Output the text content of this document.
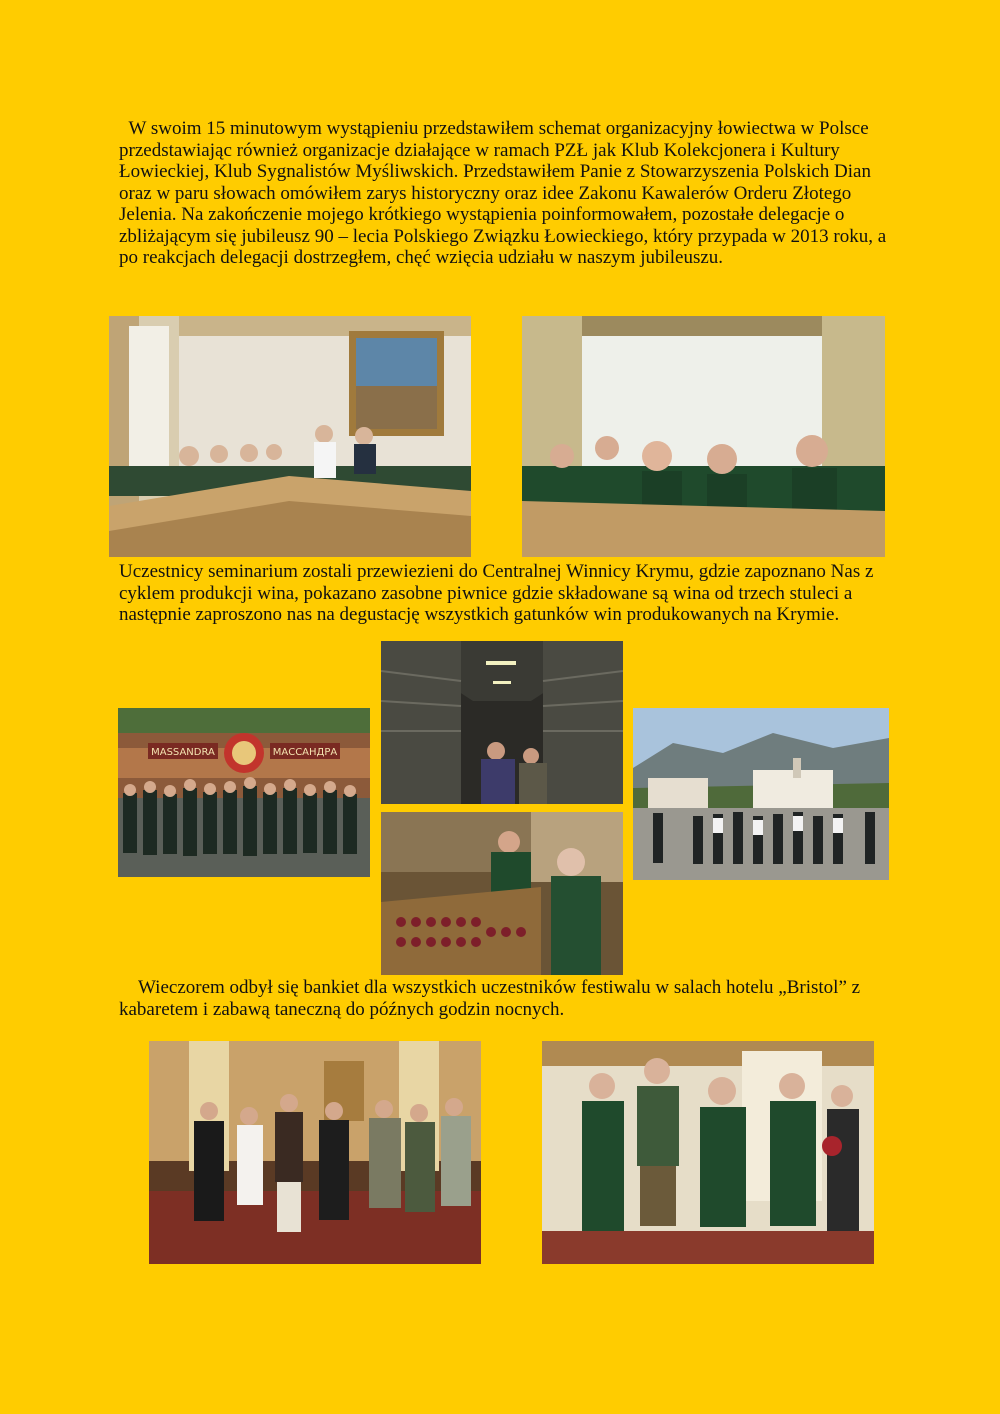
W swoim 15 minutowym wystąpieniu przedstawiłem schemat organizacyjny łowiectwa w Polsce przedstawiając również organizacje działające w ramach PZŁ jak Klub Kolekcjonera i Kultury Łowieckiej, Klub Sygnalistów Myśliwskich. Przedstawiłem Panie z Stowarzyszenia Polskich Dian oraz w paru słowach omówiłem zarys historyczny oraz idee Zakonu Kawalerów Orderu Złotego Jelenia. Na zakończenie mojego krótkiego wystąpienia poinformowałem, pozostałe delegacje o zbliżającym się jubileusz 90 – lecia Polskiego Związku Łowieckiego, który przypada w 2013 roku, a po reakcjach delegacji dostrzegłem, chęć wzięcia udziału w naszym jubileuszu.

Uczestnicy seminarium zostali przewiezieni do Centralnej Winnicy Krymu, gdzie zapoznano Nas z cyklem produkcji wina, pokazano zasobne piwnice gdzie składowane są wina od trzech stuleci a następnie zaproszono nas na degustację wszystkich gatunków win produkowanych na Krymie.

MASSANDRA	МАССАНДРА

Wieczorem odbył się bankiet dla wszystkich uczestników festiwalu w salach hotelu „Bristol” z kabaretem i zabawą taneczną do późnych godzin nocnych.
